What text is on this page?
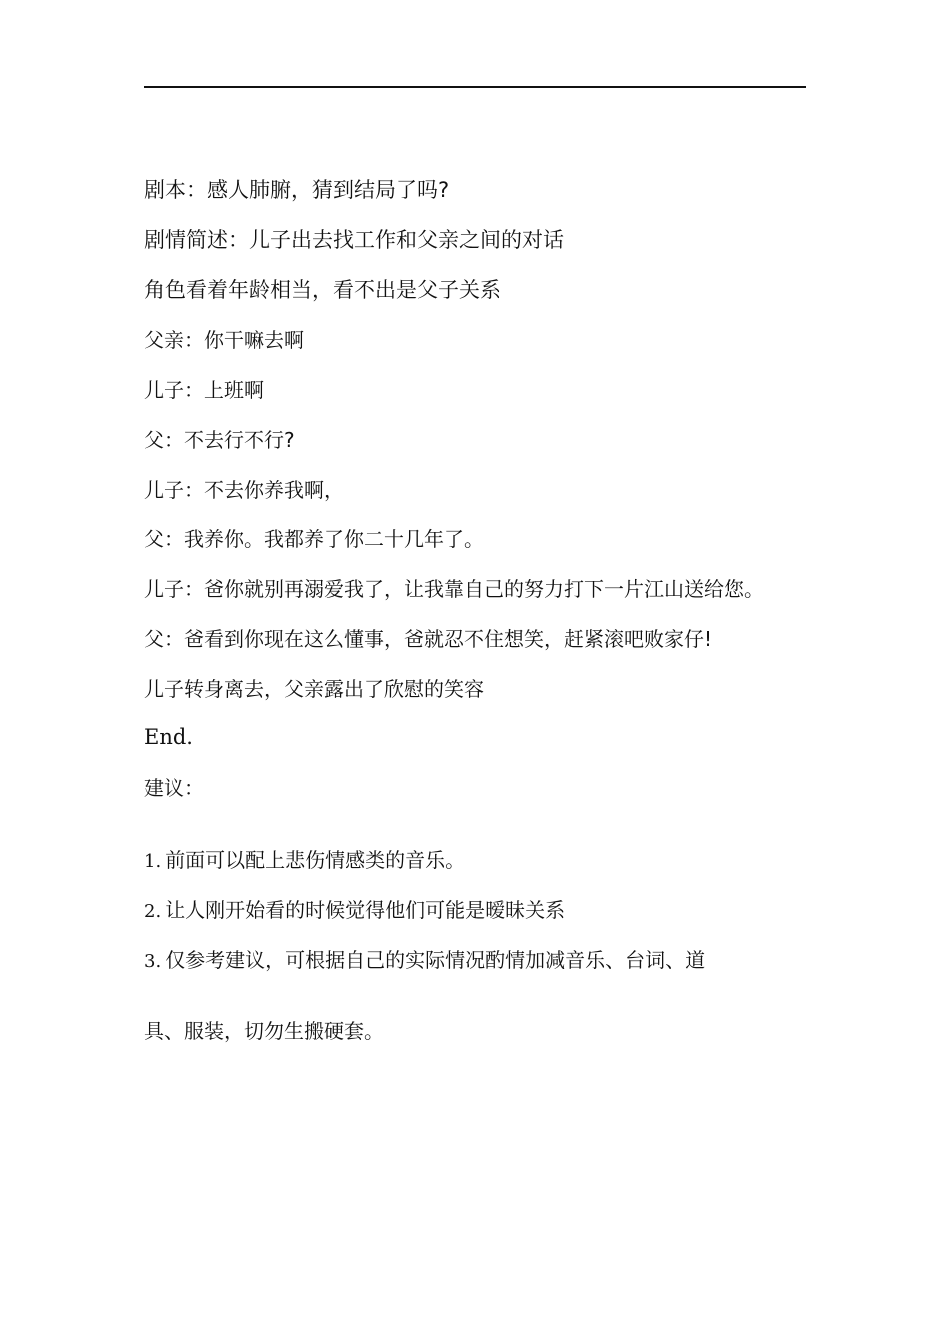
剧本：感人肺腑，猜到结局了吗?
剧情简述：儿子出去找工作和父亲之间的对话
角色看着年龄相当，看不出是父子关系
父亲：你干嘛去啊
儿子：上班啊
父：不去行不行?
儿子：不去你养我啊，
父：我养你。我都养了你二十几年了。
儿子：爸你就别再溺爱我了，让我靠自己的努力打下一片江山送给您。
父：爸看到你现在这么懂事，爸就忍不住想笑，赶紧滚吧败家仔!
儿子转身离去，父亲露出了欣慰的笑容
End.
建议：
1. 前面可以配上悲伤情感类的音乐。
2. 让人刚开始看的时候觉得他们可能是暧昧关系
3. 仅参考建议，可根据自己的实际情况酌情加减音乐、台词、道
具、服装，切勿生搬硬套。
